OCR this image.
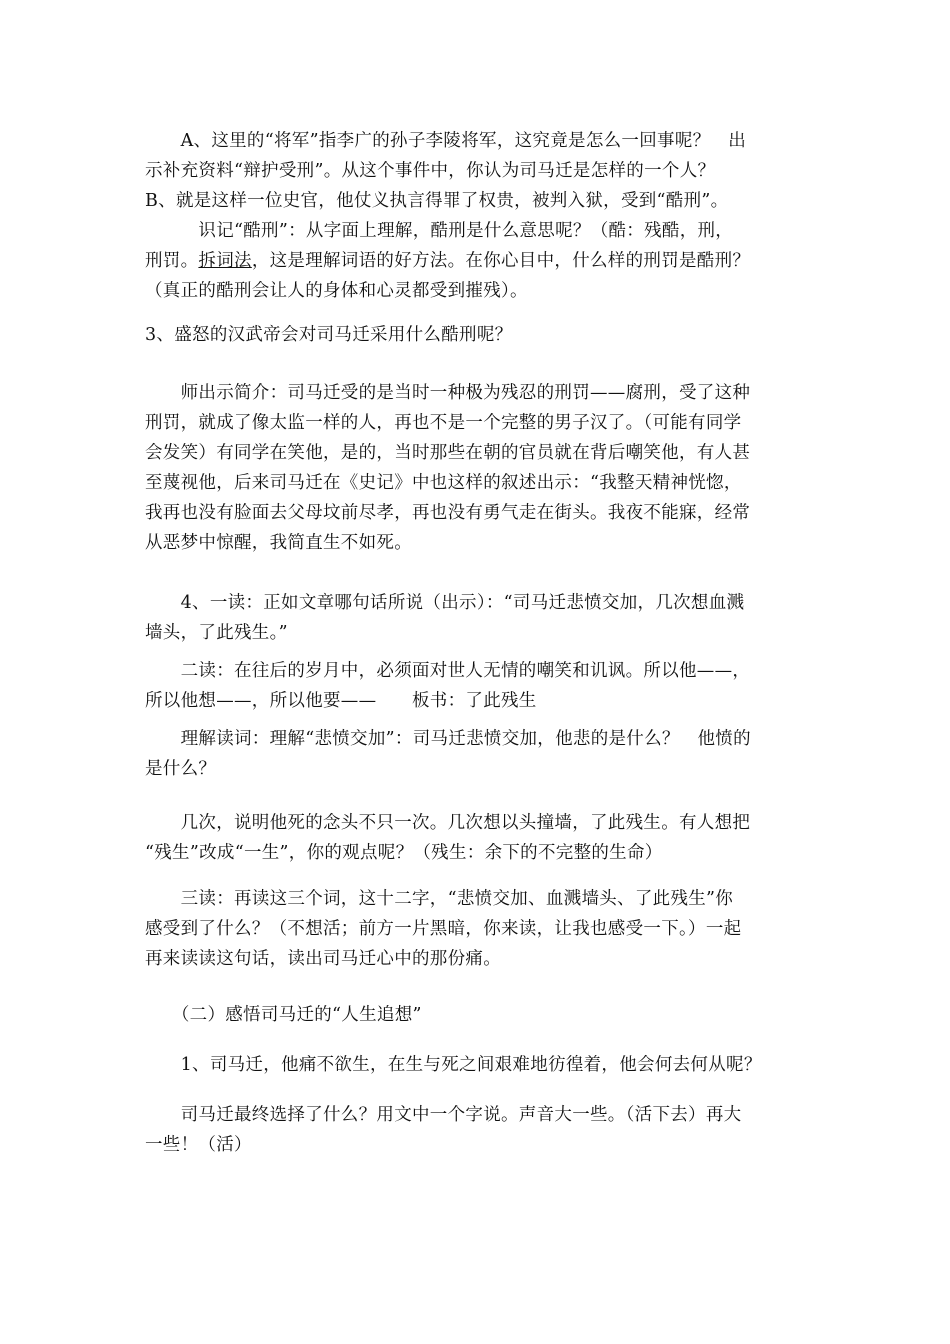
　　A、这里的“将军”指李广的孙子李陵将军，这究竟是怎么一回事呢？　出
示补充资料“辩护受刑”。从这个事件中，你认为司马迁是怎样的一个人？
B、就是这样一位史官，他仗义执言得罪了权贵，被判入狱，受到“酷刑”。
　　　识记“酷刑”：从字面上理解，酷刑是什么意思呢？（酷：残酷，刑，
刑罚。拆词法，这是理解词语的好方法。在你心目中，什么样的刑罚是酷刑？
（真正的酷刑会让人的身体和心灵都受到摧残）。
3、盛怒的汉武帝会对司马迁采用什么酷刑呢？
　　师出示简介：司马迁受的是当时一种极为残忍的刑罚——腐刑，受了这种
刑罚，就成了像太监一样的人，再也不是一个完整的男子汉了。（可能有同学
会发笑）有同学在笑他，是的，当时那些在朝的官员就在背后嘲笑他，有人甚
至蔑视他，后来司马迁在《史记》中也这样的叙述出示：“我整天精神恍惚，
我再也没有脸面去父母坟前尽孝，再也没有勇气走在街头。我夜不能寐，经常
从恶梦中惊醒，我简直生不如死。
　　4、一读：正如文章哪句话所说（出示）：“司马迁悲愤交加，几次想血溅
墙头，了此残生。”
　　二读：在往后的岁月中，必须面对世人无情的嘲笑和讥讽。所以他——，
所以他想——，所以他要——　　板书：了此残生
　　理解读词：理解“悲愤交加”：司马迁悲愤交加，他悲的是什么？　他愤的
是什么？
　　几次，说明他死的念头不只一次。几次想以头撞墙，了此残生。有人想把
“残生”改成“一生”，你的观点呢？（残生：余下的不完整的生命）
　　三读：再读这三个词，这十二字，“悲愤交加、血溅墙头、了此残生”你
感受到了什么？（不想活；前方一片黑暗，你来读，让我也感受一下。）一起
再来读读这句话，读出司马迁心中的那份痛。
　　（二）感悟司马迁的“人生追想”
　　1、司马迁，他痛不欲生，在生与死之间艰难地彷徨着，他会何去何从呢？
　　司马迁最终选择了什么？用文中一个字说。声音大一些。（活下去）再大
一些！（活）
